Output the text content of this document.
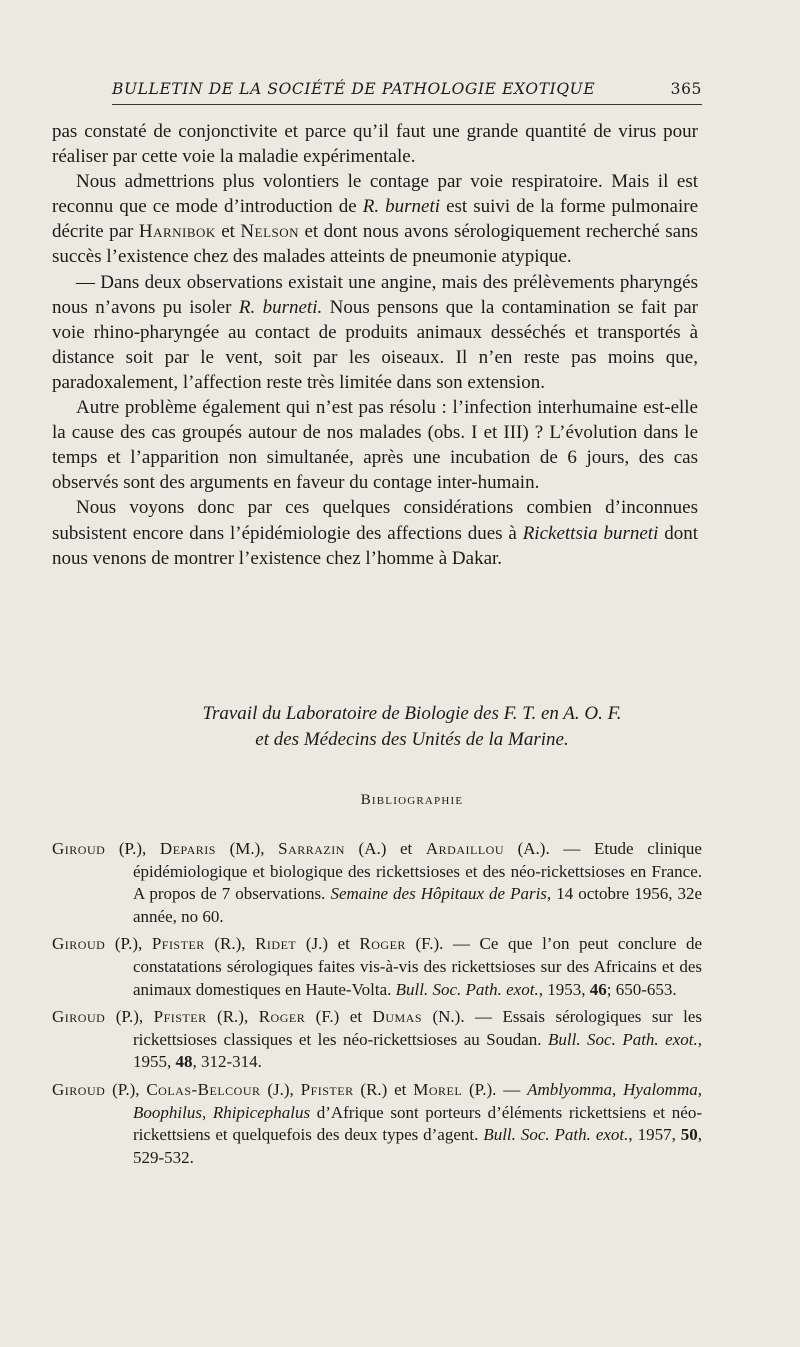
BULLETIN DE LA SOCIÉTÉ DE PATHOLOGIE EXOTIQUE	365

pas constaté de conjonctivite et parce qu’il faut une grande quantité de virus pour réaliser par cette voie la maladie expérimentale.

Nous admettrions plus volontiers le contage par voie respiratoire. Mais il est reconnu que ce mode d’introduction de R. burneti est suivi de la forme pulmonaire décrite par Harnibok et Nelson et dont nous avons sérologiquement recherché sans succès l’existence chez des malades atteints de pneumonie atypique.

— Dans deux observations existait une angine, mais des prélèvements pharyngés nous n’avons pu isoler R. burneti. Nous pensons que la contamination se fait par voie rhino-pharyngée au contact de produits animaux desséchés et transportés à distance soit par le vent, soit par les oiseaux. Il n’en reste pas moins que, paradoxalement, l’affection reste très limitée dans son extension.

Autre problème également qui n’est pas résolu : l’infection interhumaine est-elle la cause des cas groupés autour de nos malades (obs. I et III) ? L’évolution dans le temps et l’apparition non simultanée, après une incubation de 6 jours, des cas observés sont des arguments en faveur du contage inter-humain.

Nous voyons donc par ces quelques considérations combien d’inconnues subsistent encore dans l’épidémiologie des affections dues à Rickettsia burneti dont nous venons de montrer l’existence chez l’homme à Dakar.

Travail du Laboratoire de Biologie des F. T. en A. O. F.
et des Médecins des Unités de la Marine.
Bibliographie

Giroud (P.), Deparis (M.), Sarrazin (A.) et Ardaillou (A.). — Etude clinique épidémiologique et biologique des rickettsioses et des néo-rickettsioses en France. A propos de 7 observations. Semaine des Hôpitaux de Paris, 14 octobre 1956, 32e année, no 60.

Giroud (P.), Pfister (R.), Ridet (J.) et Roger (F.). — Ce que l’on peut conclure de constatations sérologiques faites vis-à-vis des rickettsioses sur des Africains et des animaux domestiques en Haute-Volta. Bull. Soc. Path. exot., 1953, 46; 650-653.

Giroud (P.), Pfister (R.), Roger (F.) et Dumas (N.). — Essais sérologiques sur les rickettsioses classiques et les néo-rickettsioses au Soudan. Bull. Soc. Path. exot., 1955, 48, 312-314.

Giroud (P.), Colas-Belcour (J.), Pfister (R.) et Morel (P.). — Amblyomma, Hyalomma, Boophilus, Rhipicephalus d’Afrique sont porteurs d’éléments rickettsiens et néo-rickettsiens et quelquefois des deux types d’agent. Bull. Soc. Path. exot., 1957, 50, 529-532.
